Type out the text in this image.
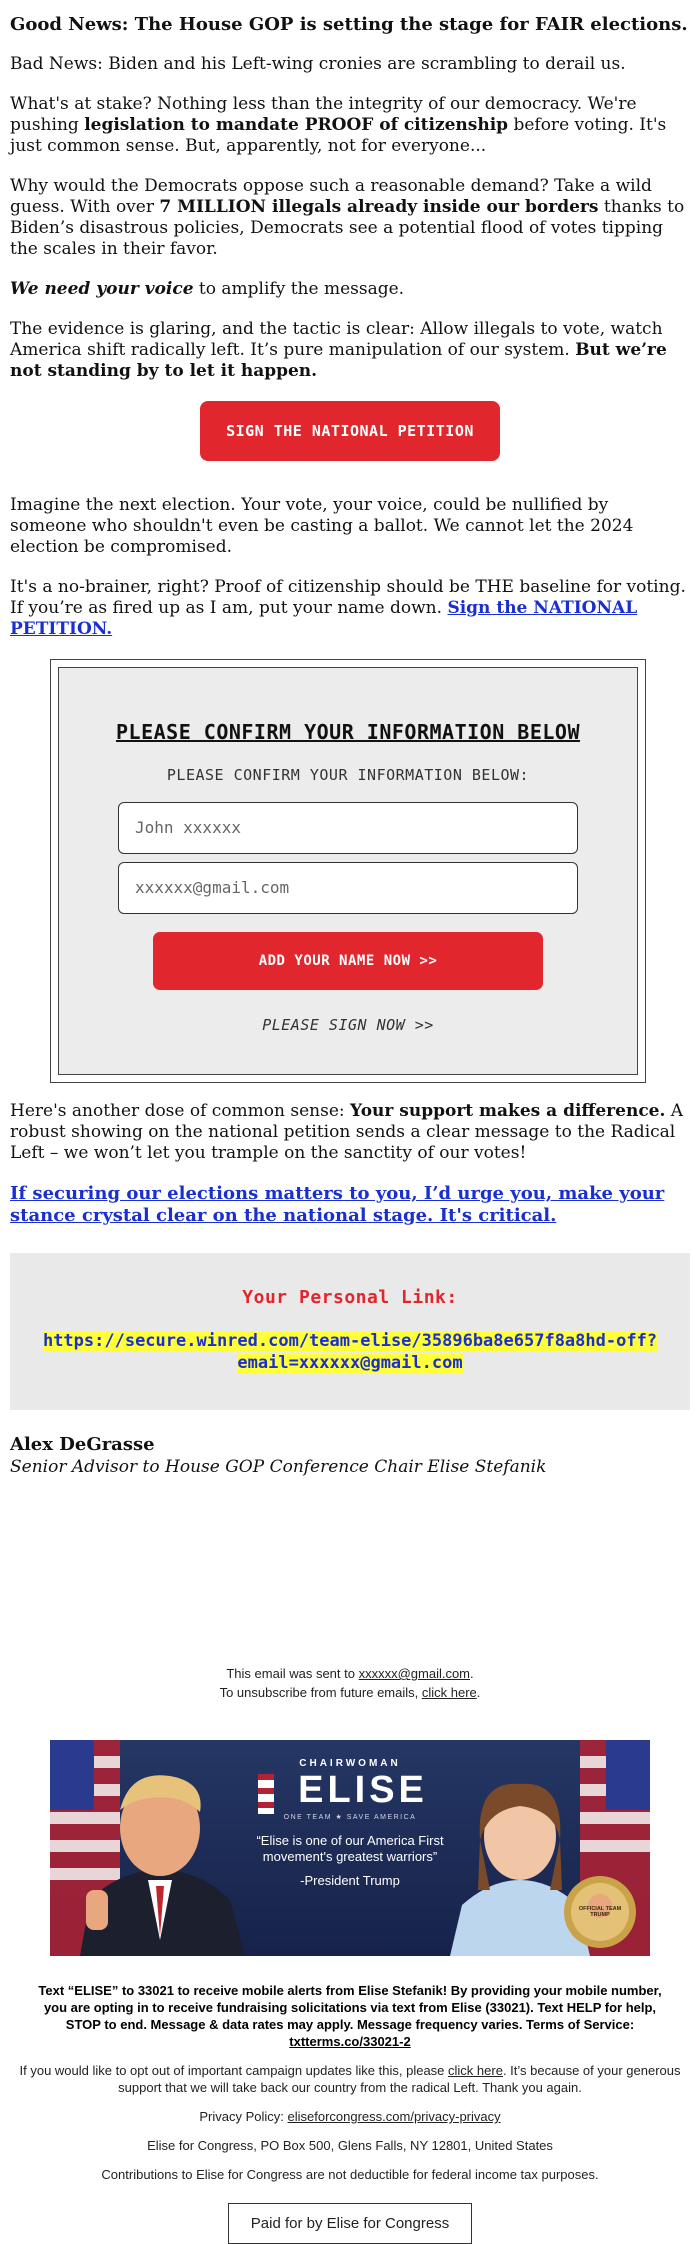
Good News: The House GOP is setting the stage for FAIR elections.

Bad News: Biden and his Left-wing cronies are scrambling to derail us.

What's at stake? Nothing less than the integrity of our democracy. We're pushing legislation to mandate PROOF of citizenship before voting. It's just common sense. But, apparently, not for everyone...

Why would the Democrats oppose such a reasonable demand? Take a wild guess. With over 7 MILLION illegals already inside our borders thanks to Biden’s disastrous policies, Democrats see a potential flood of votes tipping the scales in their favor.

We need your voice to amplify the message.

The evidence is glaring, and the tactic is clear: Allow illegals to vote, watch America shift radically left. It’s pure manipulation of our system. But we’re not standing by to let it happen.

SIGN THE NATIONAL PETITION

Imagine the next election. Your vote, your voice, could be nullified by someone who shouldn't even be casting a ballot. We cannot let the 2024 election be compromised.

It's a no-brainer, right? Proof of citizenship should be THE baseline for voting. If you’re as fired up as I am, put your name down. Sign the NATIONAL PETITION.

PLEASE CONFIRM YOUR INFORMATION BELOW
PLEASE CONFIRM YOUR INFORMATION BELOW:
John xxxxxx
xxxxxx@gmail.com
ADD YOUR NAME NOW >>
PLEASE SIGN NOW >>

Here's another dose of common sense: Your support makes a difference. A robust showing on the national petition sends a clear message to the Radical Left – we won’t let you trample on the sanctity of our votes!

If securing our elections matters to you, I’d urge you, make your stance crystal clear on the national stage. It's critical.

Your Personal Link:
https://secure.winred.com/team-elise/35896ba8e657f8a8hd-off?email=xxxxxx@gmail.com

Alex DeGrasse

Senior Advisor to House GOP Conference Chair Elise Stefanik

This email was sent to xxxxxx@gmail.com.
To unsubscribe from future emails, click here.
CHAIRWOMAN
ELISE
ONE TEAM ★ SAVE AMERICA
“Elise is one of our America First movement's greatest warriors”
-President Trump
OFFICIAL TEAM TRUMP

Text “ELISE” to 33021 to receive mobile alerts from Elise Stefanik! By providing your mobile number, you are opting in to receive fundraising solicitations via text from Elise (33021). Text HELP for help, STOP to end. Message & data rates may apply. Message frequency varies. Terms of Service: txtterms.co/33021-2

If you would like to opt out of important campaign updates like this, please click here. It’s because of your generous support that we will take back our country from the radical Left. Thank you again.

Privacy Policy: eliseforcongress.com/privacy-privacy

Elise for Congress, PO Box 500, Glens Falls, NY 12801, United States

Contributions to Elise for Congress are not deductible for federal income tax purposes.

Paid for by Elise for Congress
